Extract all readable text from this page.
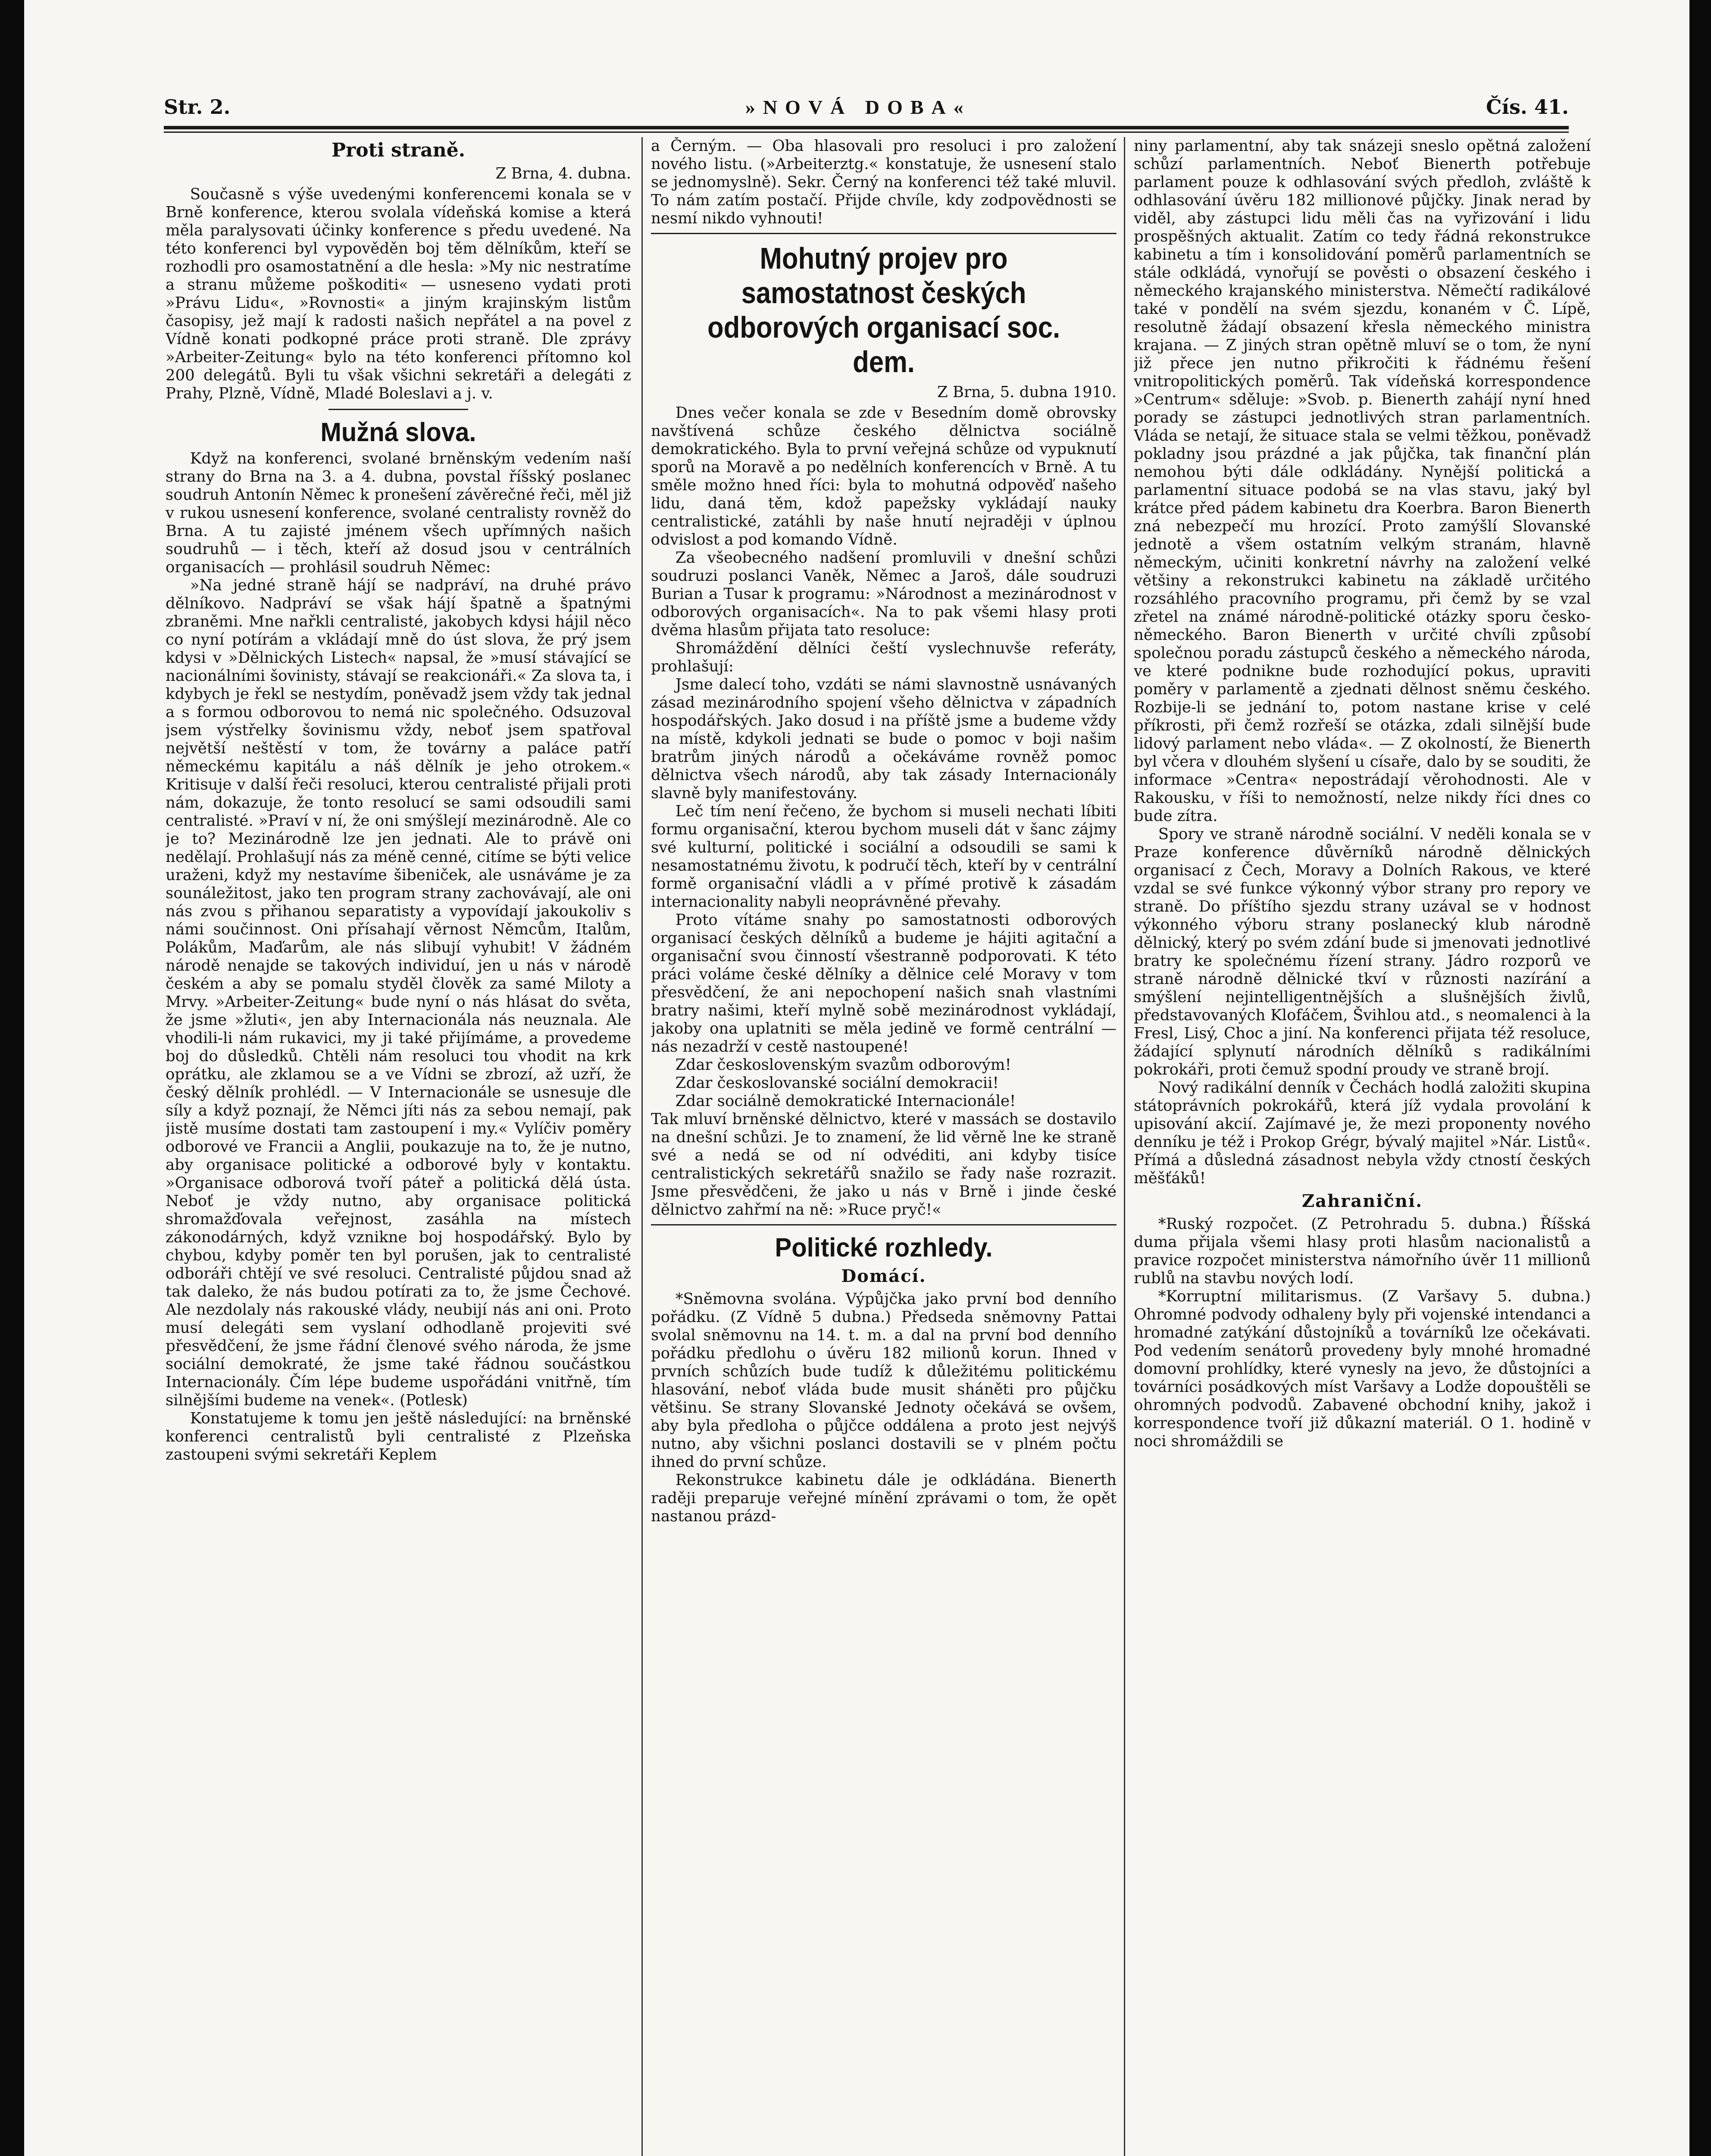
Str. 2.	»NOVÁ DOBA«	Čís. 41.
Proti straně.

Z Brna, 4. dubna.

Současně s výše uvedenými konferencemi konala se v Brně konference, kterou svolala vídeňská komise a která měla paralysovati účinky konference s předu uvedené. Na této konferenci byl vypověděn boj těm dělníkům, kteří se rozhodli pro osamostatnění a dle hesla: »My nic nestratíme a stranu můžeme poškoditi« — usneseno vydati proti »Právu Lidu«, »Rovnosti« a jiným krajinským listům časopisy, jež mají k radosti našich nepřátel a na povel z Vídně konati podkopné práce proti straně. Dle zprávy »Arbeiter-Zeitung« bylo na této konferenci přítomno kol 200 delegátů. Byli tu však všichni sekretáři a delegáti z Prahy, Plzně, Vídně, Mladé Boleslavi a j. v.

Mužná slova.

Když na konferenci, svolané brněnským vedením naší strany do Brna na 3. a 4. dubna, povstal říšský poslanec soudruh Antonín Němec k pronešení závěrečné řeči, měl již v rukou usnesení konference, svolané centralisty rovněž do Brna. A tu zajisté jménem všech upřímných našich soudruhů — i těch, kteří až dosud jsou v centrálních organisacích — prohlásil soudruh Němec:

»Na jedné straně hájí se nadpráví, na druhé právo dělníkovo. Nadpráví se však hájí špatně a špatnými zbraněmi. Mne nařkli centralisté, jakobych kdysi hájil něco co nyní potírám a vkládají mně do úst slova, že prý jsem kdysi v »Dělnických Listech« napsal, že »musí stávající se nacionálními šovinisty, stávají se reakcionáři.« Za slova ta, i kdybych je řekl se nestydím, poněvadž jsem vždy tak jednal a s formou odborovou to nemá nic společného. Odsuzoval jsem výstřelky šovinismu vždy, neboť jsem spatřoval největší neštěstí v tom, že továrny a paláce patří německému kapitálu a náš dělník je jeho otrokem.« Kritisuje v další řeči resoluci, kterou centralisté přijali proti nám, dokazuje, že tonto resolucí se sami odsoudili sami centralisté. »Praví v ní, že oni smýšlejí mezinárodně. Ale co je to? Mezinárodně lze jen jednati. Ale to právě oni nedělají. Prohlašují nás za méně cenné, citíme se býti velice uraženi, když my nestavíme šibeniček, ale usnáváme je za sounáležitost, jako ten program strany zachovávají, ale oni nás zvou s přihanou separatisty a vypovídají jakoukoliv s námi součinnost. Oni přísahají věrnost Němcům, Italům, Polákům, Maďarům, ale nás slibují vyhubit! V žádném národě nenajde se takových individuí, jen u nás v národě českém a aby se pomalu styděl člověk za samé Miloty a Mrvy. »Arbeiter-Zeitung« bude nyní o nás hlásat do světa, že jsme »žluti«, jen aby Internacionála nás neuznala. Ale vhodili-li nám rukavici, my ji také přijímáme, a provedeme boj do důsledků. Chtěli nám resoluci tou vhodit na krk oprátku, ale zklamou se a ve Vídni se zbrozí, až uzří, že český dělník prohlédl. — V Internacionále se usnesuje dle síly a když poznají, že Němci jíti nás za sebou nemají, pak jistě musíme dostati tam zastoupení i my.« Vylíčiv poměry odborové ve Francii a Anglii, poukazuje na to, že je nutno, aby organisace politické a odborové byly v kontaktu. »Organisace odborová tvoří páteř a politická dělá ústa. Neboť je vždy nutno, aby organisace politická shromažďovala veřejnost, zasáhla na místech zákonodárných, když vznikne boj hospodářský. Bylo by chybou, kdyby poměr ten byl porušen, jak to centralisté odboráři chtějí ve své resoluci. Centralisté půjdou snad až tak daleko, že nás budou potírati za to, že jsme Čechové. Ale nezdolaly nás rakouské vlády, neubijí nás ani oni. Proto musí delegáti sem vyslaní odhodlaně projeviti své přesvědčení, že jsme řádní členové svého národa, že jsme sociální demokraté, že jsme také řádnou součástkou Internacionály. Čím lépe budeme uspořádáni vnitřně, tím silnějšími budeme na venek«. (Potlesk)

Konstatujeme k tomu jen ještě následující: na brněnské konferenci centralistů byli centralisté z Plzeňska zastoupeni svými sekretáři Keplem

a Černým. — Oba hlasovali pro resoluci i pro založení nového listu. (»Arbeiterztg.« konstatuje, že usnesení stalo se jednomyslně). Sekr. Černý na konferenci též také mluvil. To nám zatím postačí. Přijde chvíle, kdy zodpovědnosti se nesmí nikdo vyhnouti!

Mohutný projev pro samostatnost českých odborových organisací soc. dem.

Z Brna, 5. dubna 1910.

Dnes večer konala se zde v Besedním domě obrovsky navštívená schůze českého dělnictva sociálně demokratického. Byla to první veřejná schůze od vypuknutí sporů na Moravě a po nedělních konferencích v Brně. A tu směle možno hned říci: byla to mohutná odpověď našeho lidu, daná těm, kdož papežsky vykládají nauky centralistické, zatáhli by naše hnutí nejraději v úplnou odvislost a pod komando Vídně.

Za všeobecného nadšení promluvili v dnešní schůzi soudruzi poslanci Vaněk, Němec a Jaroš, dále soudruzi Burian a Tusar k programu: »Národnost a mezinárodnost v odborových organisacích«. Na to pak všemi hlasy proti dvěma hlasům přijata tato resoluce:

Shromáždění dělníci čeští vyslechnuvše referáty, prohlašují:

Jsme dalecí toho, vzdáti se námi slavnostně usnávaných zásad mezinárodního spojení všeho dělnictva v západních hospodářských. Jako dosud i na příště jsme a budeme vždy na místě, kdykoli jednati se bude o pomoc v boji našim bratrům jiných národů a očekáváme rovněž pomoc dělnictva všech národů, aby tak zásady Internacionály slavně byly manifestovány.

Leč tím není řečeno, že bychom si museli nechati líbiti formu organisační, kterou bychom museli dát v šanc zájmy své kulturní, politické i sociální a odsoudili se sami k nesamostatnému životu, k područí těch, kteří by v centrální formě organisační vládli a v přímé protivě k zásadám internacionality nabyli neoprávněné převahy.

Proto vítáme snahy po samostatnosti odborových organisací českých dělníků a budeme je hájiti agitační a organisační svou činností všestranně podporovati. K této práci voláme české dělníky a dělnice celé Moravy v tom přesvědčení, že ani nepochopení našich snah vlastními bratry našimi, kteří mylně sobě mezinárodnost vykládají, jakoby ona uplatniti se měla jedině ve formě centrální — nás nezadrží v cestě nastoupené!

Zdar československým svazům odborovým!

Zdar českoslovanské sociální demokracii!

Zdar sociálně demokratické Internacionále!

Tak mluví brněnské dělnictvo, které v massách se dostavilo na dnešní schůzi. Je to znamení, že lid věrně lne ke straně své a nedá se od ní odvéditi, ani kdyby tisíce centralistických sekretářů snažilo se řady naše rozrazit. Jsme přesvědčeni, že jako u nás v Brně i jinde české dělnictvo zahřmí na ně: »Ruce pryč!«

Politické rozhledy.
Domácí.

*Sněmovna svolána. Výpůjčka jako první bod denního pořádku. (Z Vídně 5 dubna.) Předseda sněmovny Pattai svolal sněmovnu na 14. t. m. a dal na první bod denního pořádku předlohu o úvěru 182 milionů korun. Ihned v prvních schůzích bude tudíž k důležitému politickému hlasování, neboť vláda bude musit sháněti pro půjčku většinu. Se strany Slovanské Jednoty očekává se ovšem, aby byla předloha o půjčce oddálena a proto jest nejvýš nutno, aby všichni poslanci dostavili se v plném počtu ihned do první schůze.

Rekonstrukce kabinetu dále je odkládána. Bienerth raději preparuje veřejné mínění zprávami o tom, že opět nastanou prázd-

niny parlamentní, aby tak snázeji sneslo opětná založení schůzí parlamentních. Neboť Bienerth potřebuje parlament pouze k odhlasování svých předloh, zvláště k odhlasování úvěru 182 millionové půjčky. Jinak nerad by viděl, aby zástupci lidu měli čas na vyřizování i lidu prospěšných aktualit. Zatím co tedy řádná rekonstrukce kabinetu a tím i konsolidování poměrů parlamentních se stále odkládá, vynořují se pověsti o obsazení českého i německého krajanského ministerstva. Němečtí radikálové také v pondělí na svém sjezdu, konaném v Č. Lípě, resolutně žádají obsazení křesla německého ministra krajana. — Z jiných stran opětně mluví se o tom, že nyní již přece jen nutno přikročiti k řádnému řešení vnitropolitických poměrů. Tak vídeňská korrespondence »Centrum« sděluje: »Svob. p. Bienerth zahájí nyní hned porady se zástupci jednotlivých stran parlamentních. Vláda se netají, že situace stala se velmi těžkou, poněvadž pokladny jsou prázdné a jak půjčka, tak finanční plán nemohou býti dále odkládány. Nynější politická a parlamentní situace podobá se na vlas stavu, jaký byl krátce před pádem kabinetu dra Koerbra. Baron Bienerth zná nebezpečí mu hrozící. Proto zamýšlí Slovanské jednotě a všem ostatním velkým stranám, hlavně německým, učiniti konkretní návrhy na založení velké většiny a rekonstrukci kabinetu na základě určitého rozsáhlého pracovního programu, při čemž by se vzal zřetel na známé národně-politické otázky sporu česko-německého. Baron Bienerth v určité chvíli způsobí společnou poradu zástupců českého a německého národa, ve které podnikne bude rozhodující pokus, upraviti poměry v parlamentě a zjednati dělnost sněmu českého. Rozbije-li se jednání to, potom nastane krise v celé příkrosti, při čemž rozřeší se otázka, zdali silnější bude lidový parlament nebo vláda«. — Z okolností, že Bienerth byl včera v dlouhém slyšení u císaře, dalo by se souditi, že informace »Centra« nepostrádají věrohodnosti. Ale v Rakousku, v říši to nemožností, nelze nikdy říci dnes co bude zítra.

Spory ve straně národně sociální. V neděli konala se v Praze konference důvěrníků národně dělnických organisací z Čech, Moravy a Dolních Rakous, ve které vzdal se své funkce výkonný výbor strany pro repory ve straně. Do příštího sjezdu strany uzával se v hodnost výkonného výboru strany poslanecký klub národně dělnický, který po svém zdání bude si jmenovati jednotlivé bratry ke společnému řízení strany. Jádro rozporů ve straně národně dělnické tkví v různosti nazírání a smýšlení nejintelligentnějších a slušnějších živlů, představovaných Klofáčem, Švihlou atd., s neomalenci à la Fresl, Lisý, Choc a jiní. Na konferenci přijata též resoluce, žádající splynutí národních dělníků s radikálními pokrokáři, proti čemuž spodní proudy ve straně brojí.

Nový radikální denník v Čechách hodlá založiti skupina státoprávních pokrokářů, která jíž vydala provolání k upisování akcií. Zajímavé je, že mezi proponenty nového denníku je též i Prokop Grégr, bývalý majitel »Nár. Listů«. Přímá a důsledná zásadnost nebyla vždy ctností českých měšťáků!

Zahraniční.

*Ruský rozpočet. (Z Petrohradu 5. dubna.) Říšská duma přijala všemi hlasy proti hlasům nacionalistů a pravice rozpočet ministerstva námořního úvěr 11 millionů rublů na stavbu nových lodí.

*Korruptní militarismus. (Z Varšavy 5. dubna.) Ohromné podvody odhaleny byly při vojenské intendanci a hromadné zatýkání důstojníků a továrníků lze očekávati. Pod vedením senátorů provedeny byly mnohé hromadné domovní prohlídky, které vynesly na jevo, že důstojníci a továrníci posádkových míst Varšavy a Lodže dopouštěli se ohromných podvodů. Zabavené obchodní knihy, jakož i korrespondence tvoří již důkazní materiál. O 1. hodině v noci shromáždili se
